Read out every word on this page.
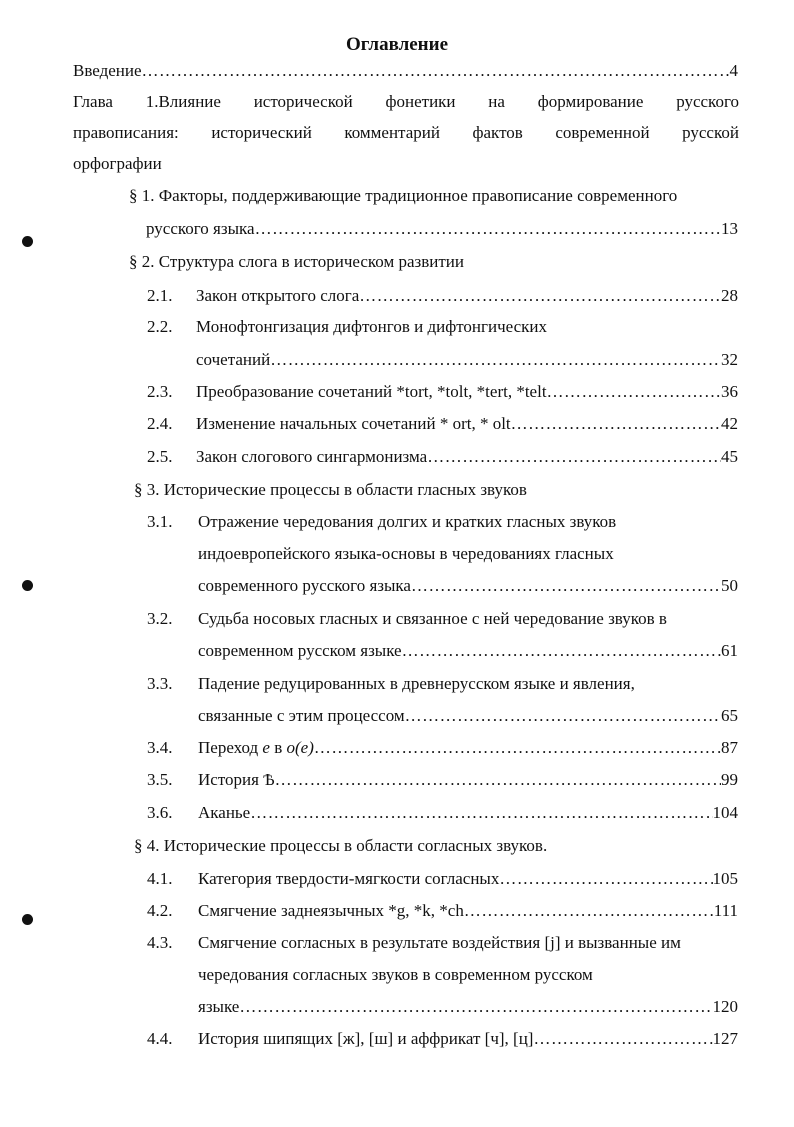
Оглавление
Введение ……………………………………………………………………………………………………………………………………………………	4
Глава 1.Влияние исторической фонетики на формирование русского
правописания: исторический комментарий фактов современной русской
орфографии
§ 1. Факторы, поддерживающие традиционное правописание современного
русского языка ……………………………………………………………………………………………………………………………………………………	13
§ 2. Структура слога в историческом развитии
2.1. Закон открытого слога ……………………………………………………………………………………………………………………………………………………	28
2.2. Монофтонгизация дифтонгов и дифтонгических
сочетаний ……………………………………………………………………………………………………………………………………………………	32
2.3. Преобразование сочетаний *tort, *tolt, *tert, *telt ……………………………………………………………………………………………………………………………………………………	36
2.4. Изменение начальных сочетаний * ort, * olt ……………………………………………………………………………………………………………………………………………………	42
2.5. Закон слогового сингармонизма ……………………………………………………………………………………………………………………………………………………	45
§ 3. Исторические процессы в области гласных звуков
3.1. Отражение чередования долгих и кратких гласных звуков
индоевропейского языка-основы в чередованиях гласных
современного русского языка ……………………………………………………………………………………………………………………………………………………	50
3.2. Судьба носовых гласных и связанное с ней чередование звуков в
современном русском языке ……………………………………………………………………………………………………………………………………………………	61
3.3. Падение редуцированных в древнерусском языке и явления,
связанные с этим процессом ……………………………………………………………………………………………………………………………………………………	65
3.4. Переход е в о(е) ……………………………………………………………………………………………………………………………………………………	87
3.5. История Ѣ ……………………………………………………………………………………………………………………………………………………	99
3.6. Аканье ……………………………………………………………………………………………………………………………………………………	104
§ 4. Исторические процессы в области согласных звуков.
4.1. Категория твердости-мягкости согласных ……………………………………………………………………………………………………………………………………………………	105
4.2. Смягчение заднеязычных *g, *k, *ch ……………………………………………………………………………………………………………………………………………………	111
4.3. Смягчение согласных в результате воздействия [j] и вызванные им
чередования согласных звуков в современном русском
языке ……………………………………………………………………………………………………………………………………………………	120
4.4. История шипящих [ж], [ш] и аффрикат [ч], [ц] ……………………………………………………………………………………………………………………………………………………	127
